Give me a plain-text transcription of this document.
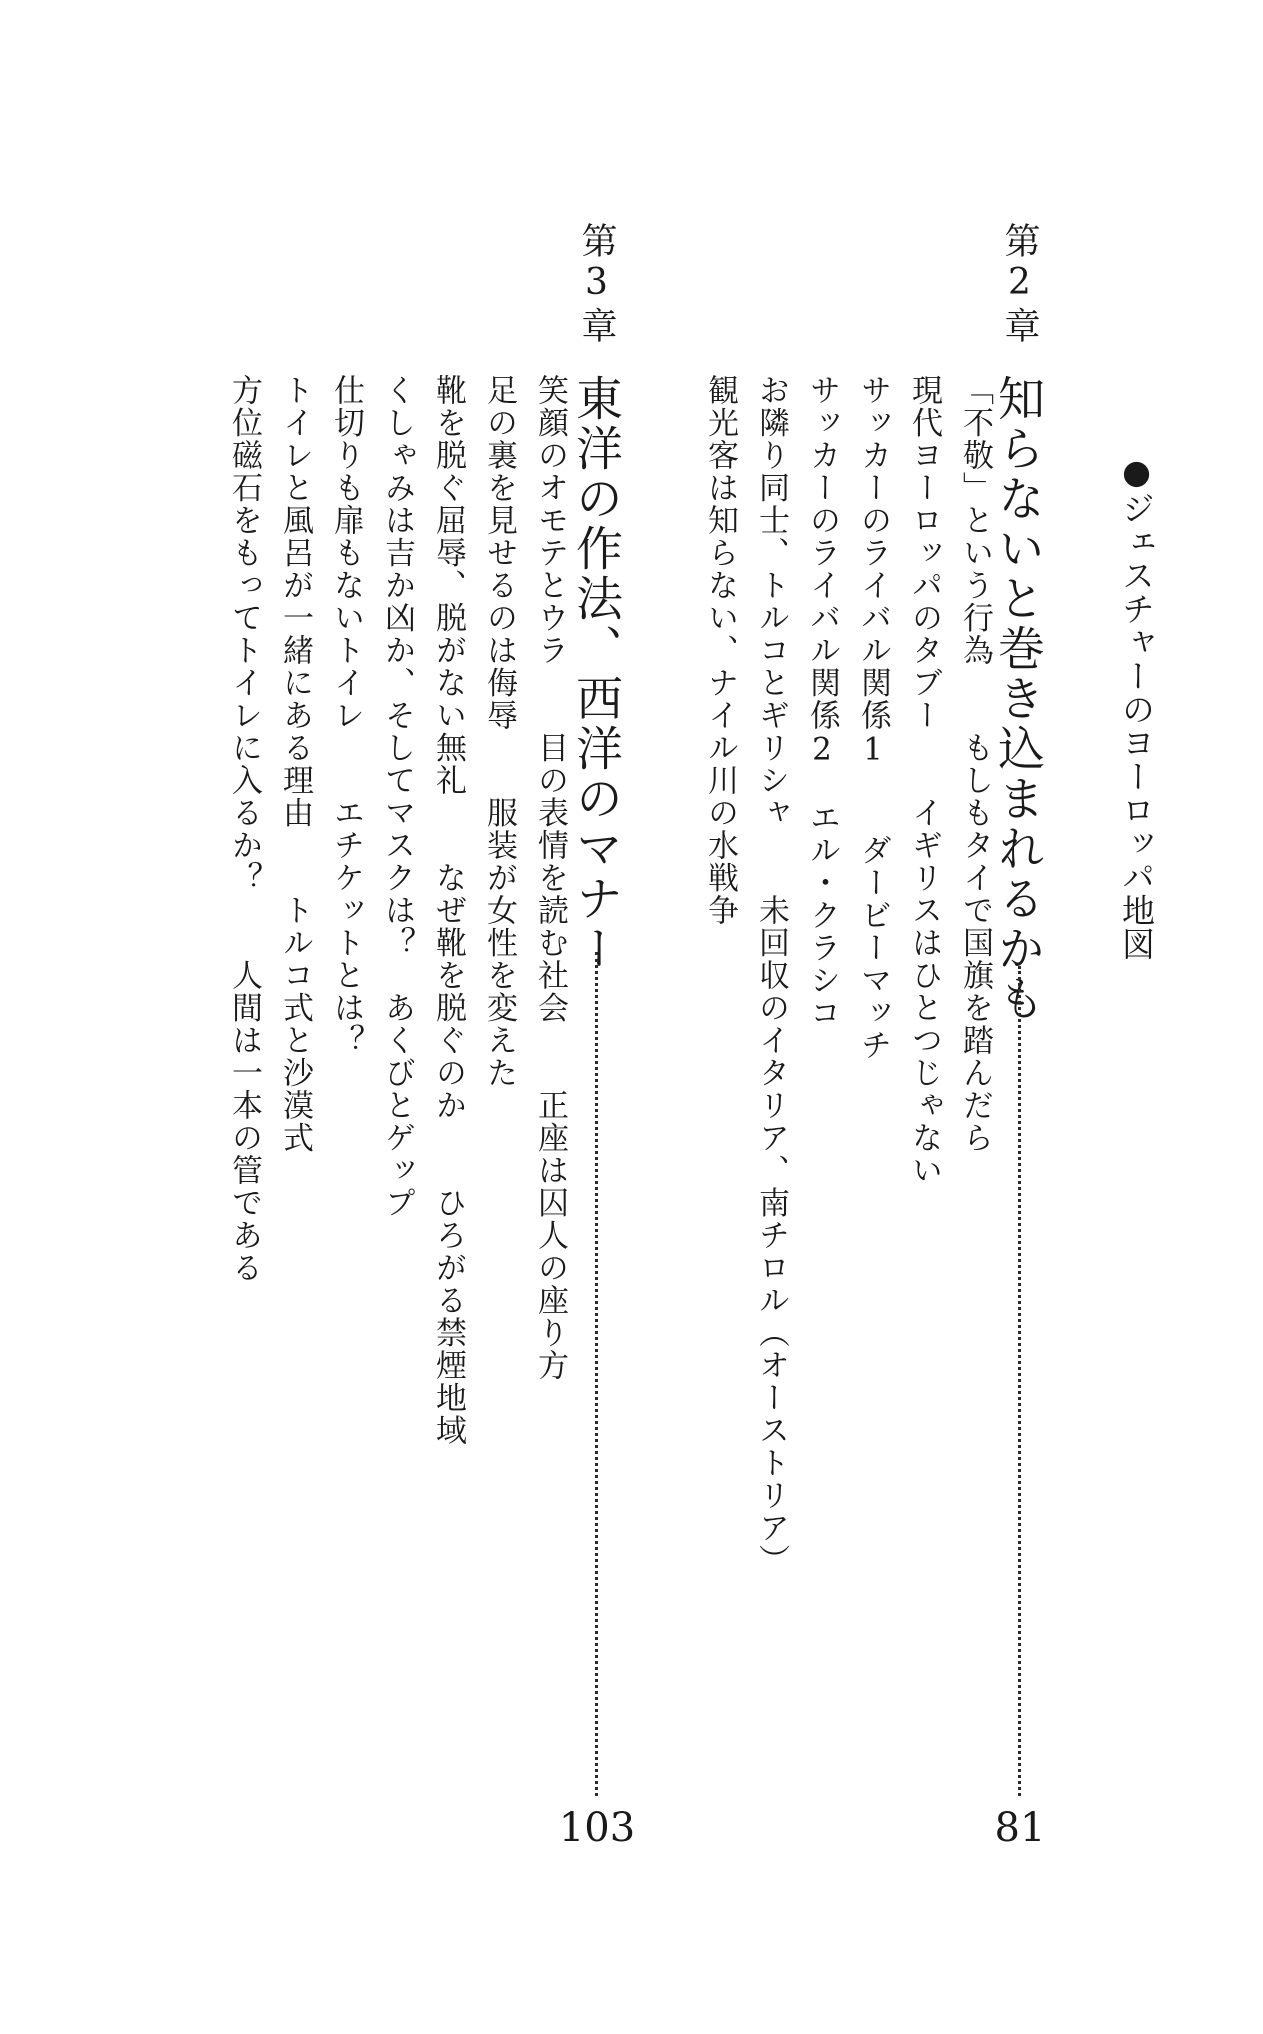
●ジェスチャーのヨーロッパ地図
第2章
知らないと巻き込まれるかも
81
「不敬」という行為　　もしもタイで国旗を踏んだら
現代ヨーロッパのタブー　　イギリスはひとつじゃない
サッカーのライバル関係1　　ダービーマッチ
サッカーのライバル関係2　エル・クラシコ
お隣り同士、トルコとギリシャ　　未回収のイタリア、南チロル（オーストリア）
観光客は知らない、ナイル川の水戦争
第3章
東洋の作法、西洋のマナー
103
笑顔のオモテとウラ　　目の表情を読む社会　　正座は囚人の座り方
足の裏を見せるのは侮辱　　服装が女性を変えた
靴を脱ぐ屈辱、脱がない無礼　　なぜ靴を脱ぐのか　　ひろがる禁煙地域
くしゃみは吉か凶か、そしてマスクは？　あくびとゲップ
仕切りも扉もないトイレ　　エチケットとは？
トイレと風呂が一緒にある理由　　トルコ式と沙漠式
方位磁石をもってトイレに入るか？　　人間は一本の管である
